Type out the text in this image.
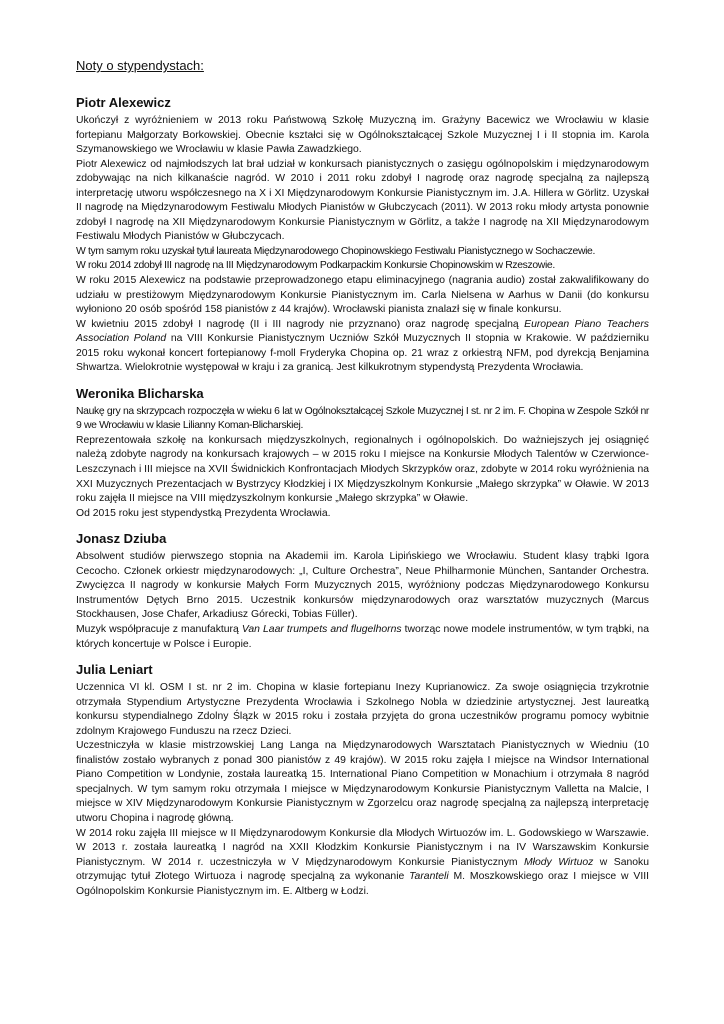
Noty o stypendystach:
Piotr Alexewicz

Ukończył z wyróżnieniem w 2013 roku Państwową Szkołę Muzyczną im. Grażyny Bacewicz we Wrocławiu w klasie fortepianu Małgorzaty Borkowskiej. Obecnie kształci się w Ogólnokształcącej Szkole Muzycznej I i II stopnia im. Karola Szymanowskiego we Wrocławiu w klasie Pawła Zawadzkiego.

Piotr Alexewicz od najmłodszych lat brał udział w konkursach pianistycznych o zasięgu ogólnopolskim i międzynarodowym zdobywając na nich kilkanaście nagród. W 2010 i 2011 roku zdobył I nagrodę oraz nagrodę specjalną za najlepszą interpretację utworu współczesnego na X i XI Międzynarodowym Konkursie Pianistycznym im. J.A. Hillera w Görlitz. Uzyskał II nagrodę na Międzynarodowym Festiwalu Młodych Pianistów w Głubczycach (2011). W 2013 roku młody artysta ponownie zdobył I nagrodę na XII Międzynarodowym Konkursie Pianistycznym w Görlitz, a także I nagrodę na XII Międzynarodowym Festiwalu Młodych Pianistów w Głubczycach.

W tym samym roku uzyskał tytuł laureata Międzynarodowego Chopinowskiego Festiwalu Pianistycznego w Sochaczewie.

W roku 2014 zdobył III nagrodę na III Międzynarodowym Podkarpackim Konkursie Chopinowskim w Rzeszowie.

W roku 2015 Alexewicz na podstawie przeprowadzonego etapu eliminacyjnego (nagrania audio) został zakwalifikowany do udziału w prestiżowym Międzynarodowym Konkursie Pianistycznym im. Carla Nielsena w Aarhus w Danii (do konkursu wyłoniono 20 osób spośród 158 pianistów z 44 krajów). Wrocławski pianista znalazł się w finale konkursu.

W kwietniu 2015 zdobył I nagrodę (II i III nagrody nie przyznano) oraz nagrodę specjalną European Piano Teachers Association Poland na VIII Konkursie Pianistycznym Uczniów Szkół Muzycznych II stopnia w Krakowie. W październiku 2015 roku wykonał koncert fortepianowy f-moll Fryderyka Chopina op. 21 wraz z orkiestrą NFM, pod dyrekcją Benjamina Shwartza. Wielokrotnie występował w kraju i za granicą. Jest kilkukrotnym stypendystą Prezydenta Wrocławia.

Weronika Blicharska

Naukę gry na skrzypcach rozpoczęła w wieku 6 lat w Ogólnokształcącej Szkole Muzycznej I st. nr 2 im. F. Chopina w Zespole Szkół nr 9 we Wrocławiu w klasie Lilianny Koman-Blicharskiej.

Reprezentowała szkołę na konkursach międzyszkolnych, regionalnych i ogólnopolskich. Do ważniejszych jej osiągnięć należą zdobyte nagrody na konkursach krajowych – w 2015 roku I miejsce na Konkursie Młodych Talentów w Czerwionce- Leszczynach i III miejsce na XVII Świdnickich Konfrontacjach Młodych Skrzypków oraz, zdobyte w 2014 roku wyróżnienia na XXI Muzycznych Prezentacjach w Bystrzycy Kłodzkiej i IX Międzyszkolnym Konkursie „Małego skrzypka” w Oławie. W 2013 roku zajęła II miejsce na VIII międzyszkolnym konkursie „Małego skrzypka” w Oławie.

Od 2015 roku jest stypendystką Prezydenta Wrocławia.

Jonasz Dziuba

Absolwent studiów pierwszego stopnia na Akademii im. Karola Lipińskiego we Wrocławiu. Student klasy trąbki Igora Cecocho. Członek orkiestr międzynarodowych: „I, Culture Orchestra”, Neue Philharmonie München, Santander Orchestra. Zwycięzca II nagrody w konkursie Małych Form Muzycznych 2015, wyróżniony podczas Międzynarodowego Konkursu Instrumentów Dętych Brno 2015. Uczestnik konkursów międzynarodowych oraz warsztatów muzycznych (Marcus Stockhausen, Jose Chafer, Arkadiusz Górecki, Tobias Füller).

Muzyk współpracuje z manufakturą Van Laar trumpets and flugelhorns tworząc nowe modele instrumentów, w tym trąbki, na których koncertuje w Polsce i Europie.

Julia Leniart

Uczennica VI kl. OSM I st. nr 2 im. Chopina w klasie fortepianu Inezy Kuprianowicz. Za swoje osiągnięcia trzykrotnie otrzymała Stypendium Artystyczne Prezydenta Wrocławia i Szkolnego Nobla w dziedzinie artystycznej. Jest laureatką konkursu stypendialnego Zdolny Ślązk w 2015 roku i została przyjęta do grona uczestników programu pomocy wybitnie zdolnym Krajowego Funduszu na rzecz Dzieci.

Uczestniczyła w klasie mistrzowskiej Lang Langa na Międzynarodowych Warsztatach Pianistycznych w Wiedniu (10 finalistów zostało wybranych z ponad 300 pianistów z 49 krajów). W 2015 roku zajęła I miejsce na Windsor International Piano Competition w Londynie, została laureatką 15. International Piano Competition w Monachium i otrzymała 8 nagród specjalnych. W tym samym roku otrzymała I miejsce w Międzynarodowym Konkursie Pianistycznym Valletta na Malcie, I miejsce w XIV Międzynarodowym Konkursie Pianistycznym w Zgorzelcu oraz nagrodę specjalną za najlepszą interpretację utworu Chopina i nagrodę główną.

W 2014 roku zajęła III miejsce w II Międzynarodowym Konkursie dla Młodych Wirtuozów im. L. Godowskiego w Warszawie. W 2013 r. została laureatką I nagród na XXII Kłodzkim Konkursie Pianistycznym i na IV Warszawskim Konkursie Pianistycznym. W 2014 r. uczestniczyła w V Międzynarodowym Konkursie Pianistycznym Młody Wirtuoz w Sanoku otrzymując tytuł Złotego Wirtuoza i nagrodę specjalną za wykonanie Taranteli M. Moszkowskiego oraz I miejsce w VIII Ogólnopolskim Konkursie Pianistycznym im. E. Altberg w Łodzi.
